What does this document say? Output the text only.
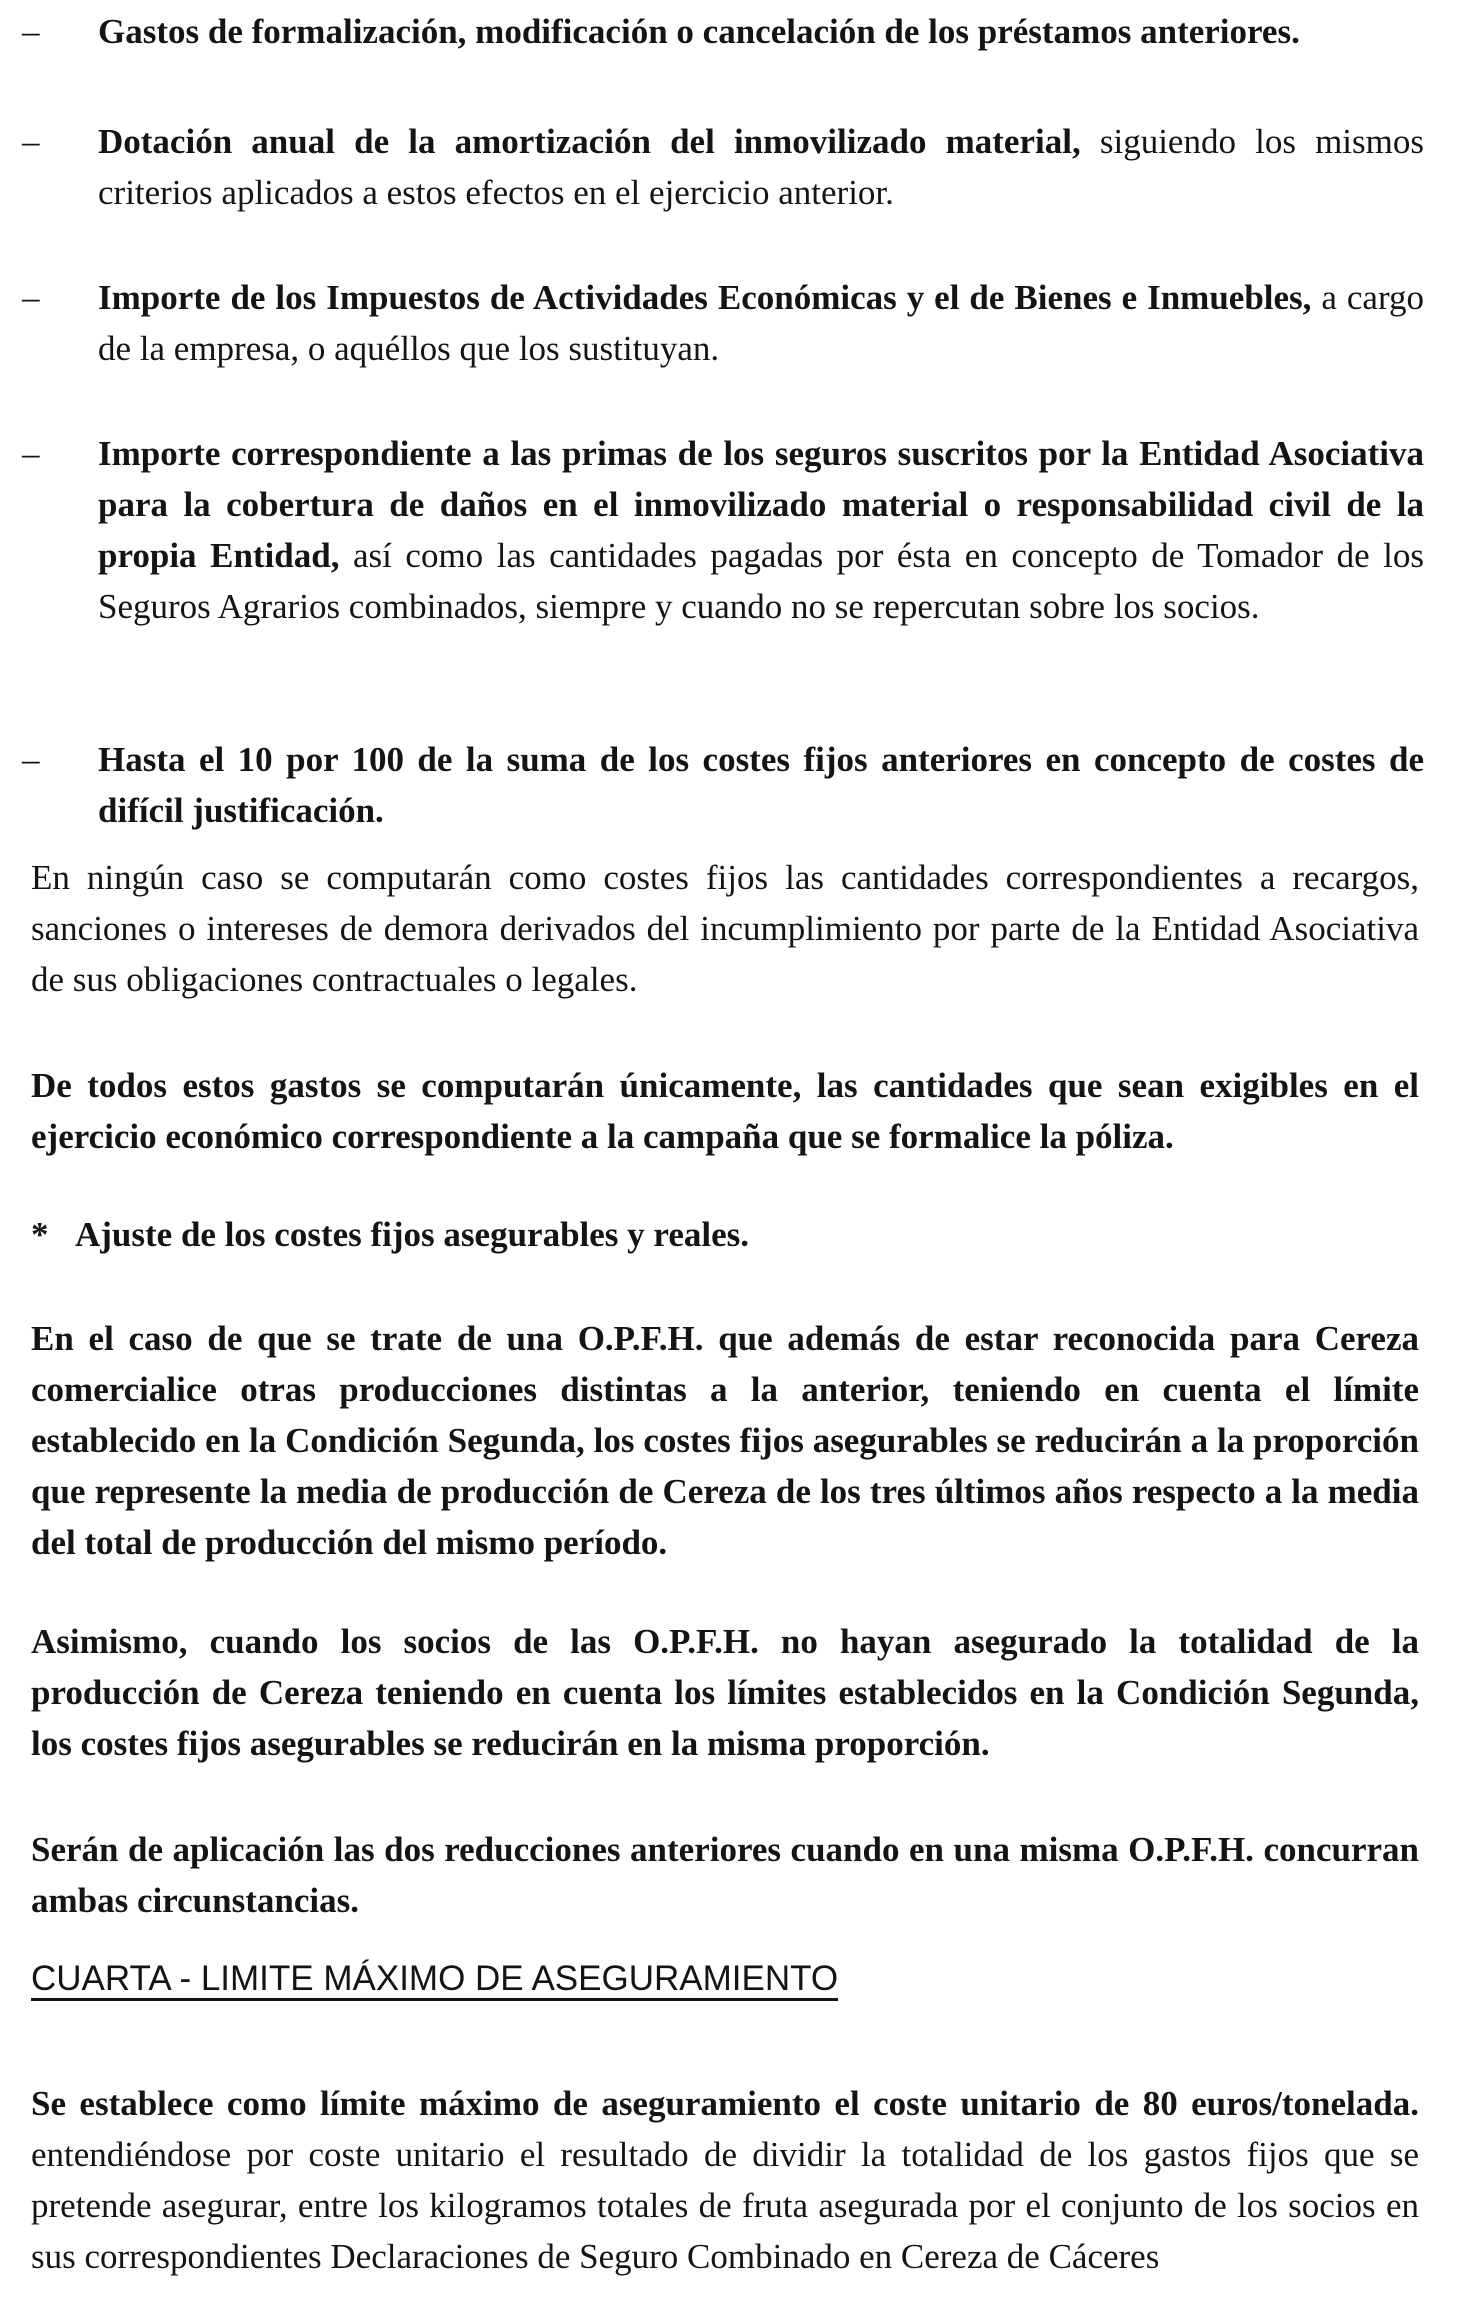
–	Gastos de formalización, modificación o cancelación de los préstamos anteriores.
–	Dotación anual de la amortización del inmovilizado material, siguiendo los mismos criterios aplicados a estos efectos en el ejercicio anterior.
–	Importe de los Impuestos de Actividades Económicas y el de Bienes e Inmuebles, a cargo de la empresa, o aquéllos que los sustituyan.
–	Importe correspondiente a las primas de los seguros suscritos por la Entidad Asociativa para la cobertura de daños en el inmovilizado material o responsabilidad civil de la propia Entidad, así como las cantidades pagadas por ésta en concepto de Tomador de los Seguros Agrarios combinados, siempre y cuando no se repercutan sobre los socios.
–	Hasta el 10 por 100 de la suma de los costes fijos anteriores en concepto de costes de difícil justificación.
En ningún caso se computarán como costes fijos las cantidades correspondientes a recargos, sanciones o intereses de demora derivados del incumplimiento por parte de la Entidad Asociativa de sus obligaciones contractuales o legales.
De todos estos gastos se computarán únicamente, las cantidades que sean exigibles en el ejercicio económico correspondiente a la campaña que se formalice la póliza.
* Ajuste de los costes fijos asegurables y reales.
En el caso de que se trate de una O.P.F.H. que además de estar reconocida para Cereza comercialice otras producciones distintas a la anterior, teniendo en cuenta el límite establecido en la Condición Segunda, los costes fijos asegurables se reducirán a la proporción que represente la media de producción de Cereza de los tres últimos años respecto a la media del total de producción del mismo período.
Asimismo, cuando los socios de las O.P.F.H. no hayan asegurado la totalidad de la producción de Cereza teniendo en cuenta los límites establecidos en la Condición Segunda, los costes fijos asegurables se reducirán en la misma proporción.
Serán de aplicación las dos reducciones anteriores cuando en una misma O.P.F.H. concurran ambas circunstancias.
CUARTA - LIMITE MÁXIMO DE ASEGURAMIENTO
Se establece como límite máximo de aseguramiento el coste unitario de 80 euros/tonelada. entendiéndose por coste unitario el resultado de dividir la totalidad de los gastos fijos que se pretende asegurar, entre los kilogramos totales de fruta asegurada por el conjunto de los socios en sus correspondientes Declaraciones de Seguro Combinado en Cereza de Cáceres
